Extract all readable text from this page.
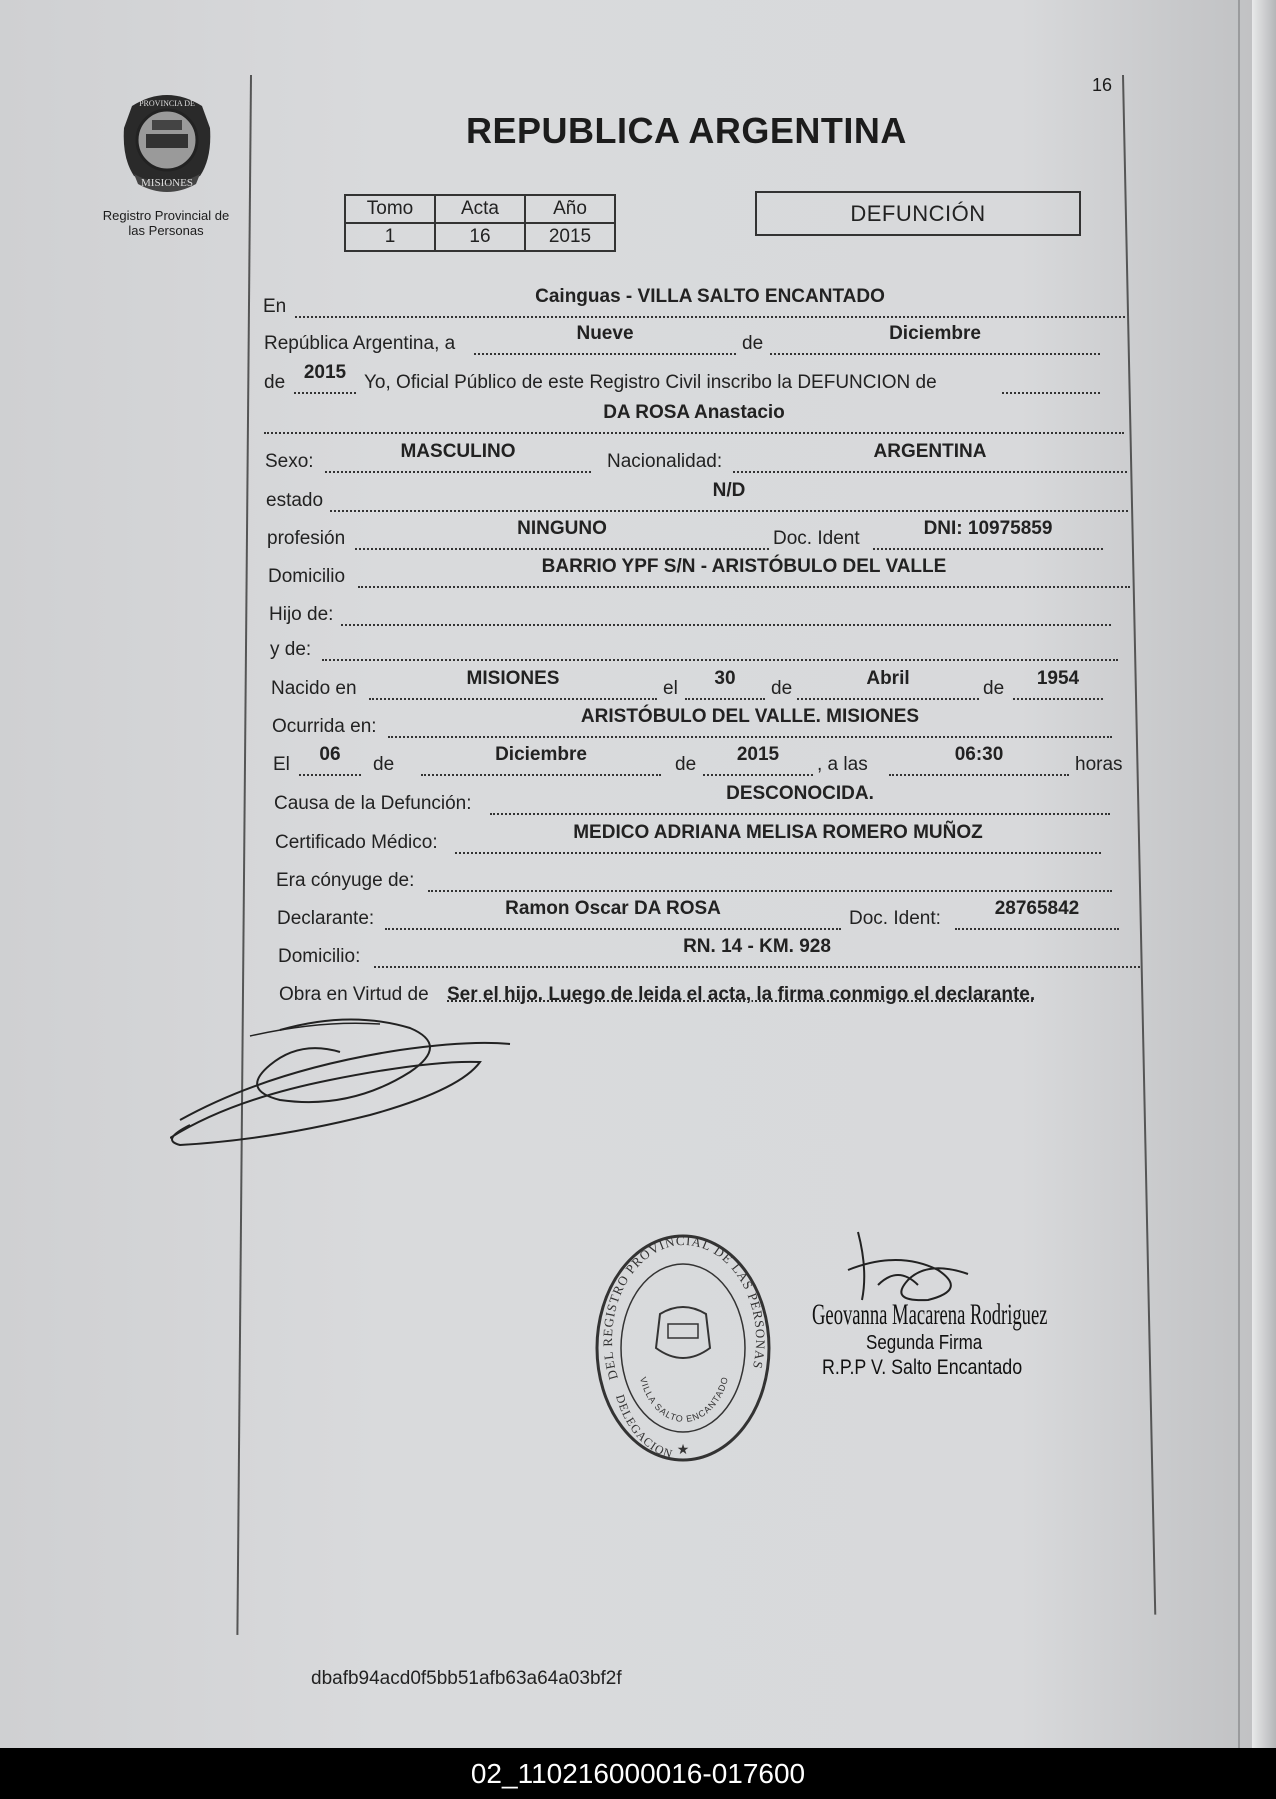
16
MISIONES
PROVINCIA DE
Registro Provincial de
las Personas
REPUBLICA ARGENTINA
Tomo	Acta	Año
1	16	2015
DEFUNCIÓN
En	Cainguas - VILLA SALTO ENCANTADO
República Argentina, a	Nueve	de	Diciembre
de 2015 Yo, Oficial Público de este Registro Civil inscribo la DEFUNCION de
DA ROSA Anastacio
Sexo:	MASCULINO	Nacionalidad:	ARGENTINA
estado	N/D
profesión	NINGUNO	Doc. Ident	DNI: 10975859
Domicilio	BARRIO YPF S/N - ARISTÓBULO DEL VALLE
Hijo de:
y de:
Nacido en	MISIONES	el	30	de	Abril	de	1954
Ocurrida en:	ARISTÓBULO DEL VALLE. MISIONES
El	06	de	Diciembre	de	2015	, a las	06:30	horas
Causa de la Defunción:	DESCONOCIDA.
Certificado Médico:	MEDICO ADRIANA MELISA ROMERO MUÑOZ
Era cónyuge de:
Declarante:	Ramon Oscar DA ROSA	Doc. Ident:	28765842
Domicilio:	RN. 14 - KM. 928
Obra en Virtud de Ser el hijo. Luego de leida el acta, la firma conmigo el declarante.
DEL REGISTRO PROVINCIAL DE LAS PERSONAS
DELEGACION
VILLA SALTO ENCANTADO
★
Geovanna Macarena Rodriguez
Segunda Firma
R.P.P V. Salto Encantado
dbafb94acd0f5bb51afb63a64a03bf2f
02_110216000016-017600
